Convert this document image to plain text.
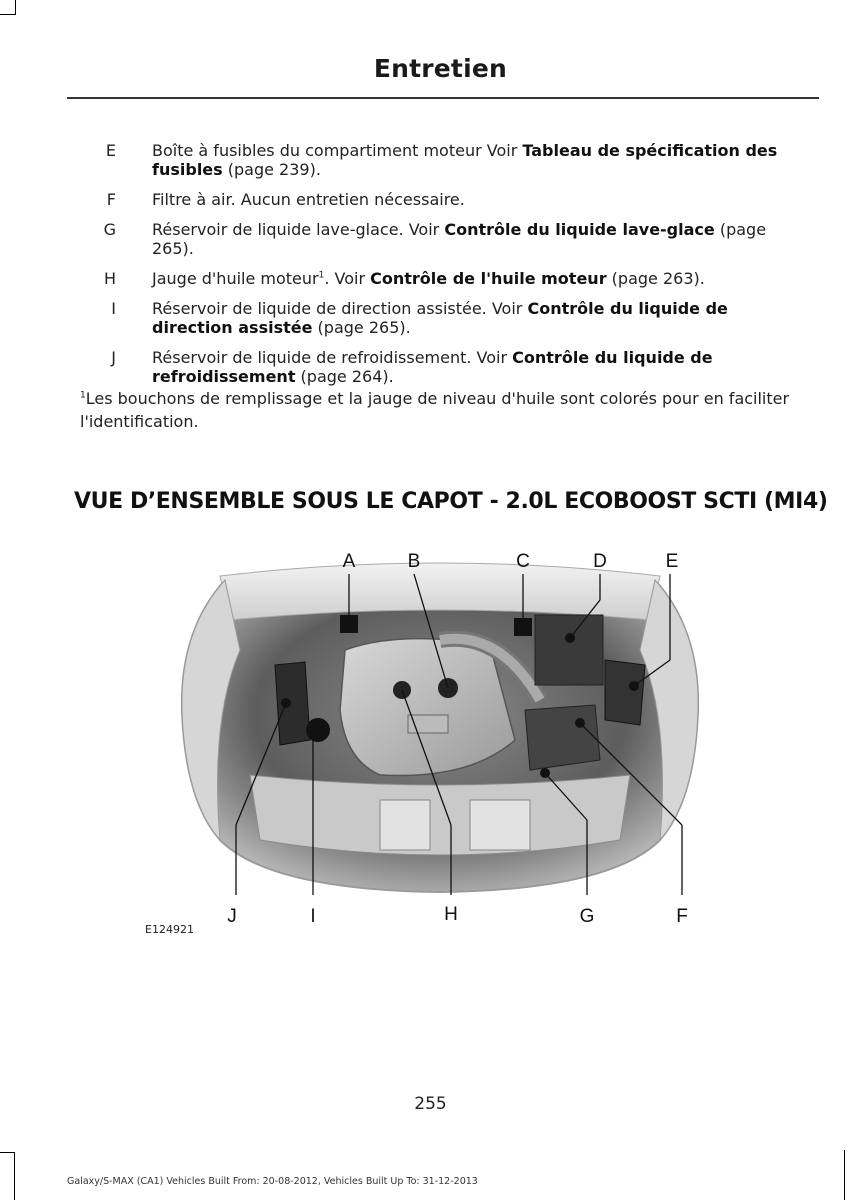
Entretien
E Boîte à fusibles du compartiment moteur Voir Tableau de spécification des fusibles (page 239).
F Filtre à air. Aucun entretien nécessaire.
G Réservoir de liquide lave-glace. Voir Contrôle du liquide lave-glace (page 265).
H Jauge d'huile moteur$^1$. Voir Contrôle de l'huile moteur (page 263).
I Réservoir de liquide de direction assistée. Voir Contrôle du liquide de direction assistée (page 265).
J Réservoir de liquide de refroidissement. Voir Contrôle du liquide de refroidissement (page 264).
$^1$Les bouchons de remplissage et la jauge de niveau d'huile sont colorés pour en faciliter l'identification.
VUE D’ENSEMBLE SOUS LE CAPOT - 2.0L ECOBOOST SCTI (MI4)
A	B	C	D	E
J	I	H	G	F
E124921
255
Galaxy/S-MAX (CA1) Vehicles Built From: 20-08-2012, Vehicles Built Up To: 31-12-2013
